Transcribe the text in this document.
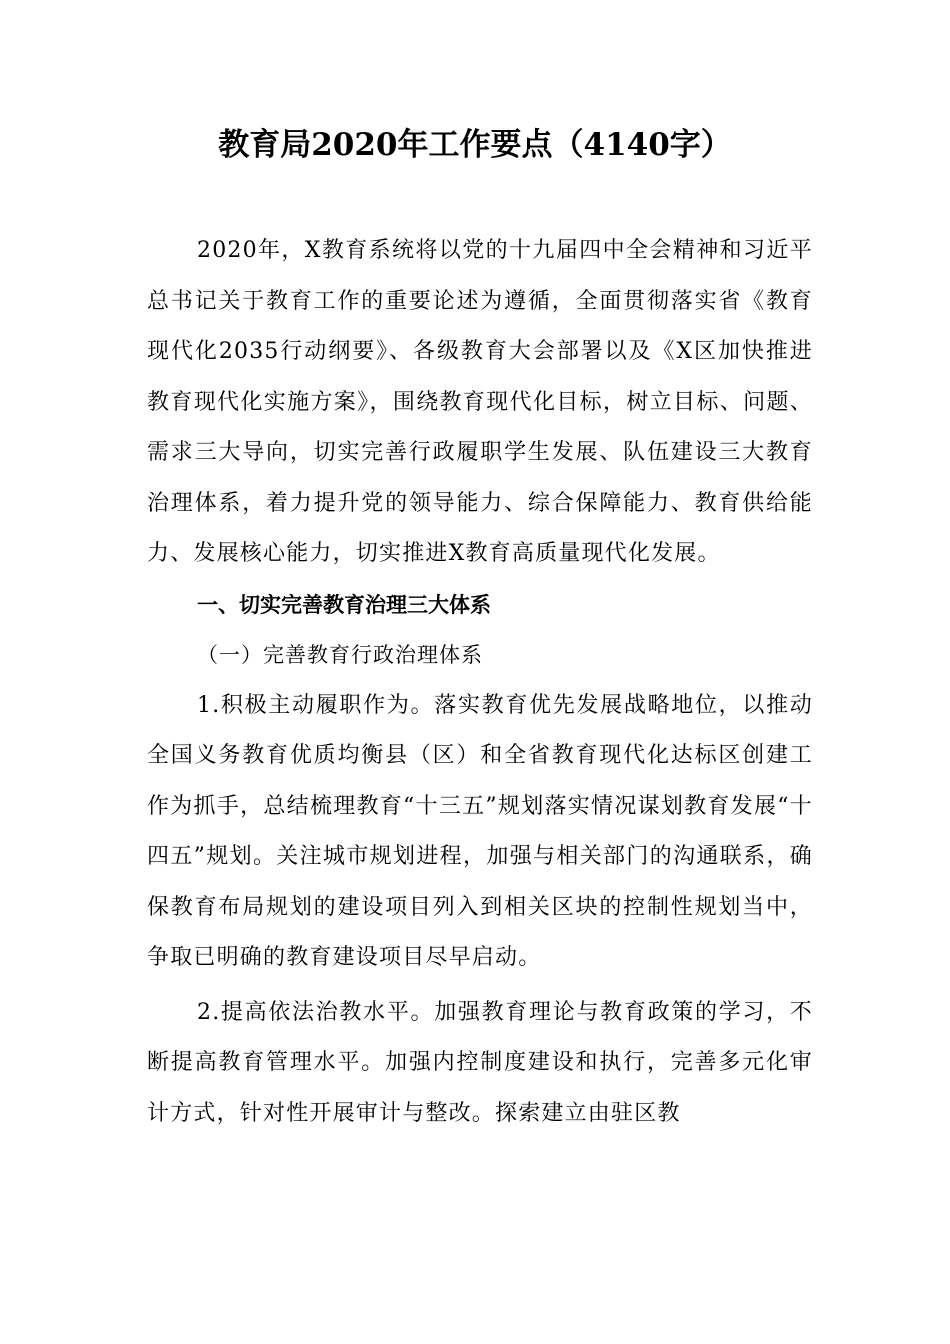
教育局2020年工作要点（4140字）

2020年，X教育系统将以党的十九届四中全会精神和习近平总书记关于教育工作的重要论述为遵循，全面贯彻落实省《教育现代化2035行动纲要》、各级教育大会部署以及《X区加快推进教育现代化实施方案》，围绕教育现代化目标，树立目标、问题、需求三大导向，切实完善行政履职学生发展、队伍建设三大教育治理体系，着力提升党的领导能力、综合保障能力、教育供给能力、发展核心能力，切实推进X教育高质量现代化发展。

一、切实完善教育治理三大体系

（一）完善教育行政治理体系

1.积极主动履职作为。落实教育优先发展战略地位，以推动全国义务教育优质均衡县（区）和全省教育现代化达标区创建工作为抓手，总结梳理教育“十三五”规划落实情况谋划教育发展“十四五”规划。关注城市规划进程，加强与相关部门的沟通联系，确保教育布局规划的建设项目列入到相关区块的控制性规划当中，争取已明确的教育建设项目尽早启动。

2.提高依法治教水平。加强教育理论与教育政策的学习，不断提高教育管理水平。加强内控制度建设和执行，完善多元化审计方式，针对性开展审计与整改。探索建立由驻区教
